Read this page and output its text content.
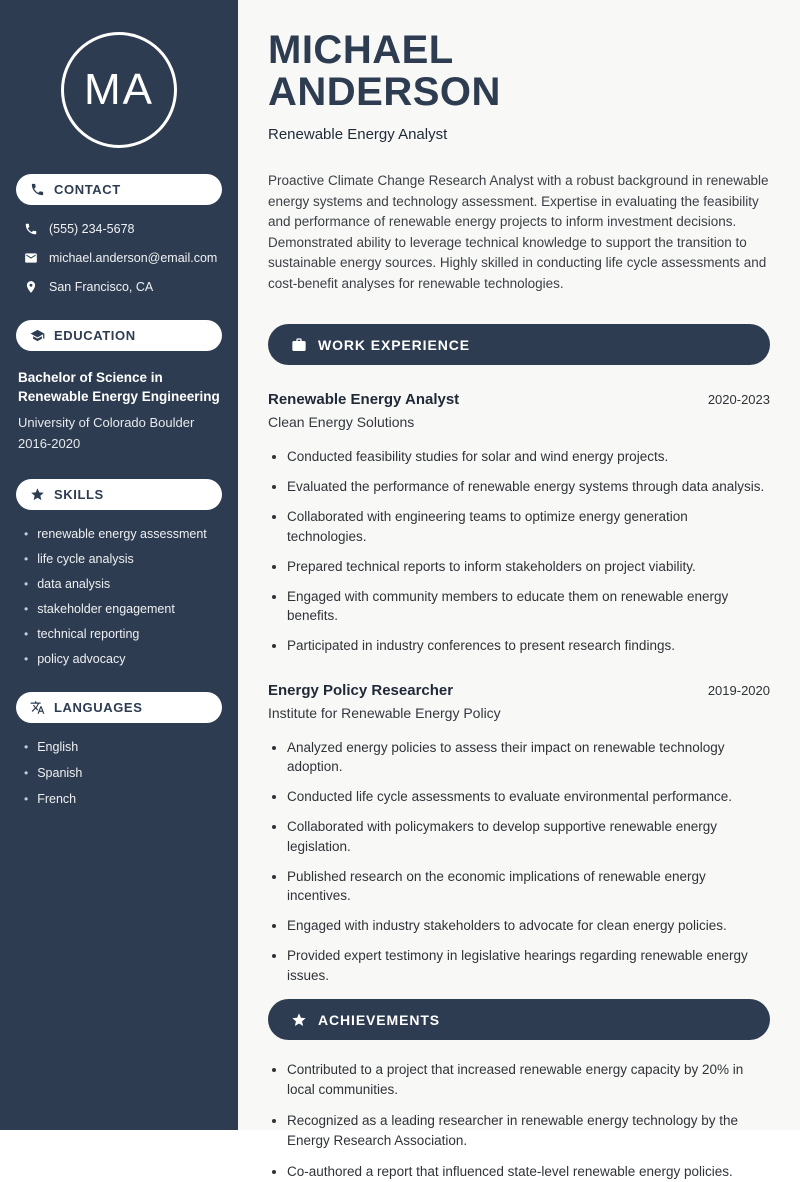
MA
CONTACT
(555) 234-5678
michael.anderson@email.com
San Francisco, CA
EDUCATION
Bachelor of Science in Renewable Energy Engineering
University of Colorado Boulder
2016-2020
SKILLS
• renewable energy assessment
• life cycle analysis
• data analysis
• stakeholder engagement
• technical reporting
• policy advocacy
LANGUAGES
• English
• Spanish
• French
MICHAEL
ANDERSON
Renewable Energy Analyst

Proactive Climate Change Research Analyst with a robust background in renewable energy systems and technology assessment. Expertise in evaluating the feasibility and performance of renewable energy projects to inform investment decisions. Demonstrated ability to leverage technical knowledge to support the transition to sustainable energy sources. Highly skilled in conducting life cycle assessments and cost-benefit analyses for renewable technologies.

WORK EXPERIENCE
Renewable Energy Analyst	2020-2023
Clean Energy Solutions
• Conducted feasibility studies for solar and wind energy projects.
• Evaluated the performance of renewable energy systems through data analysis.
• Collaborated with engineering teams to optimize energy generation technologies.
• Prepared technical reports to inform stakeholders on project viability.
• Engaged with community members to educate them on renewable energy benefits.
• Participated in industry conferences to present research findings.
Energy Policy Researcher	2019-2020
Institute for Renewable Energy Policy
• Analyzed energy policies to assess their impact on renewable technology adoption.
• Conducted life cycle assessments to evaluate environmental performance.
• Collaborated with policymakers to develop supportive renewable energy legislation.
• Published research on the economic implications of renewable energy incentives.
• Engaged with industry stakeholders to advocate for clean energy policies.
• Provided expert testimony in legislative hearings regarding renewable energy issues.
ACHIEVEMENTS
• Contributed to a project that increased renewable energy capacity by 20% in local communities.
• Recognized as a leading researcher in renewable energy technology by the Energy Research Association.
• Co-authored a report that influenced state-level renewable energy policies.
